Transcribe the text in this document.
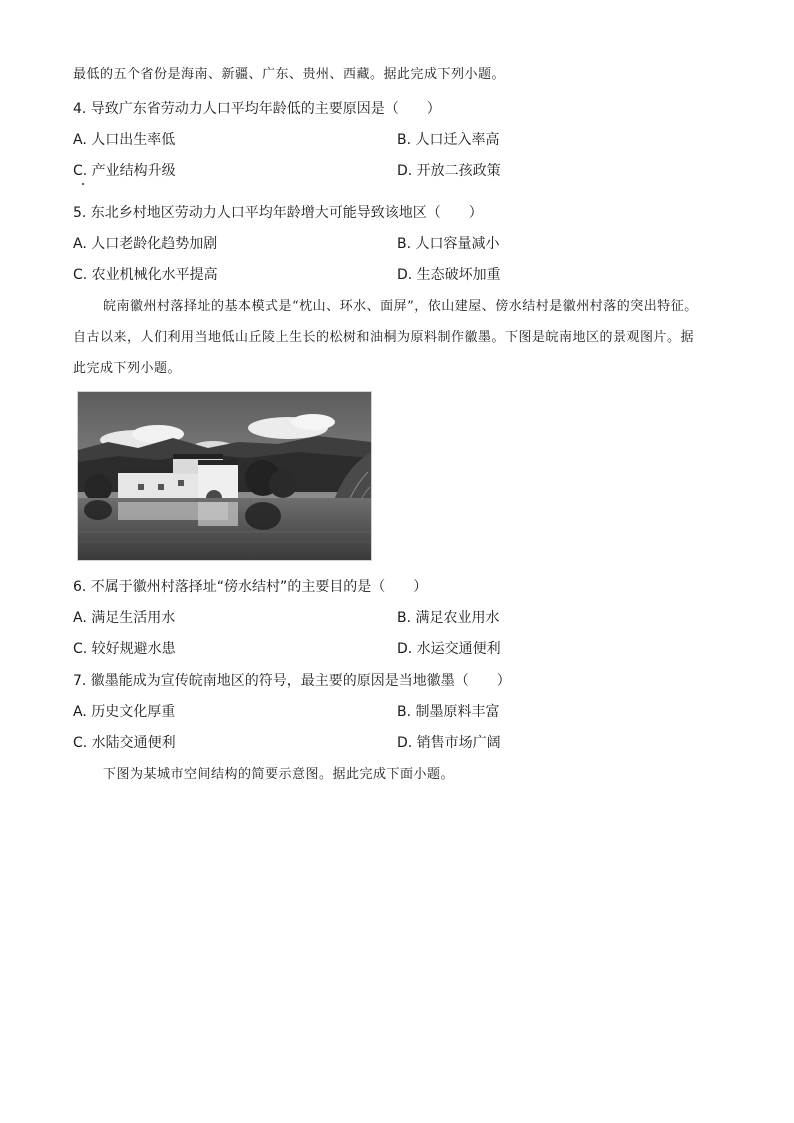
最低的五个省份是海南、新疆、广东、贵州、西藏。据此完成下列小题。
4. 导致广东省劳动力人口平均年龄低的主要原因是（　　）
A. 人口出生率低	B. 人口迁入率高
C. 产业结构升级	D. 开放二孩政策
5. 东北乡村地区劳动力人口平均年龄增大可能导致该地区（　　）
A. 人口老龄化趋势加剧	B. 人口容量减小
C. 农业机械化水平提高	D. 生态破坏加重
皖南徽州村落择址的基本模式是“枕山、环水、面屏”，依山建屋、傍水结村是徽州村落的突出特征。
自古以来，人们利用当地低山丘陵上生长的松树和油桐为原料制作徽墨。下图是皖南地区的景观图片。据
此完成下列小题。
6. 不属于徽州村落择址“傍水结村”的主要目的是（　　）
A. 满足生活用水	B. 满足农业用水
C. 较好规避水患	D. 水运交通便利
7. 徽墨能成为宣传皖南地区的符号，最主要的原因是当地徽墨（　　）
A. 历史文化厚重	B. 制墨原料丰富
C. 水陆交通便利	D. 销售市场广阔
下图为某城市空间结构的简要示意图。据此完成下面小题。
